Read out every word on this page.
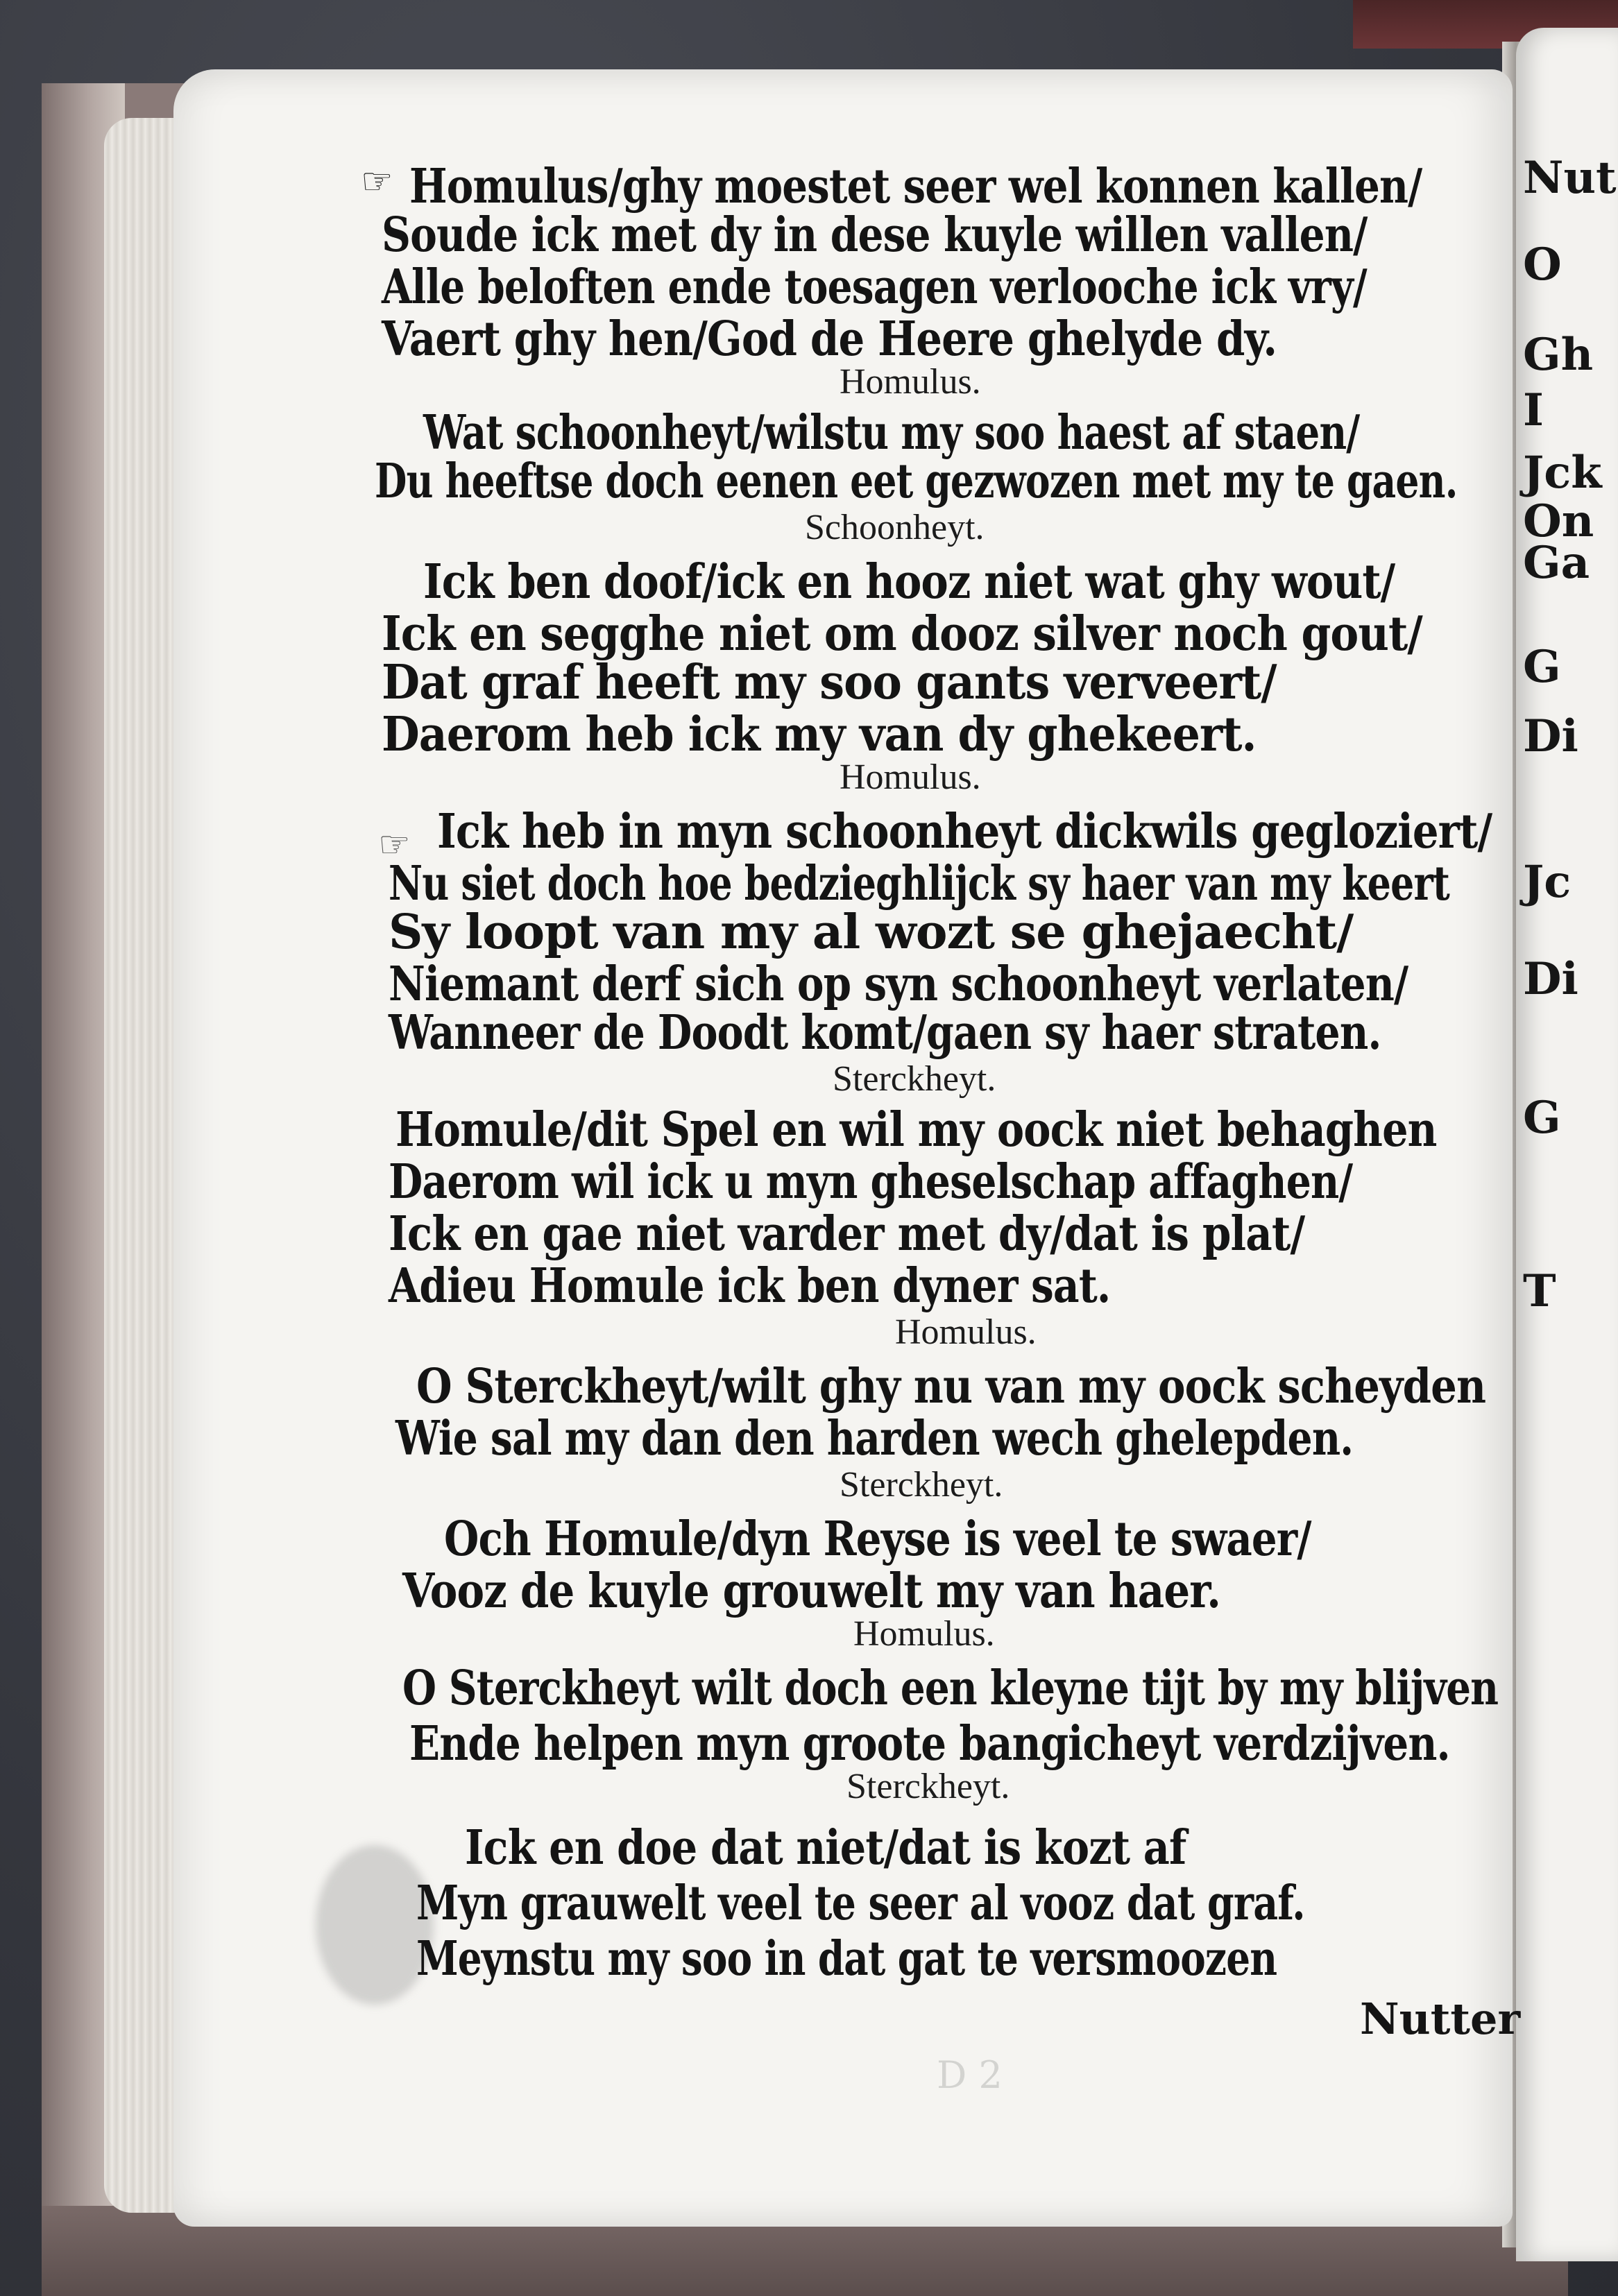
Nut
O
Gh
I
Jck
On
Ga
G
Di
Jc
Di
G
T
Homulus/ghy moestet seer wel konnen kallen/
Soude ick met dy in dese kuyle willen vallen/
Alle beloften ende toesagen verlooche ick vry/
Vaert ghy hen/God de Heere ghelyde dy.
Homulus.
Wat schoonheyt/wilstu my soo haest af staen/
Du heeftse doch eenen eet gezwozen met my te gaen.
Schoonheyt.
Ick ben doof/ick en hooz niet wat ghy wout/
Ick en segghe niet om dooz silver noch gout/
Dat graf heeft my soo gants verveert/
Daerom heb ick my van dy ghekeert.
Homulus.
Ick heb in myn schoonheyt dickwils gegloziert/
Nu siet doch hoe bedzieghlijck sy haer van my keert
Sy loopt van my al wozt se ghejaecht/
Niemant derf sich op syn schoonheyt verlaten/
Wanneer de Doodt komt/gaen sy haer straten.
Sterckheyt.
Homule/dit Spel en wil my oock niet behaghen
Daerom wil ick u myn gheselschap affaghen/
Ick en gae niet varder met dy/dat is plat/
Adieu Homule ick ben dyner sat.
Homulus.
O Sterckheyt/wilt ghy nu van my oock scheyden
Wie sal my dan den harden wech ghelepden.
Sterckheyt.
Och Homule/dyn Reyse is veel te swaer/
Vooz de kuyle grouwelt my van haer.
Homulus.
O Sterckheyt wilt doch een kleyne tijt by my blijven
Ende helpen myn groote bangicheyt verdzijven.
Sterckheyt.
Ick en doe dat niet/dat is kozt af
Myn grauwelt veel te seer al vooz dat graf.
Meynstu my soo in dat gat te versmoozen
☞
☞
Nutter
D 2
